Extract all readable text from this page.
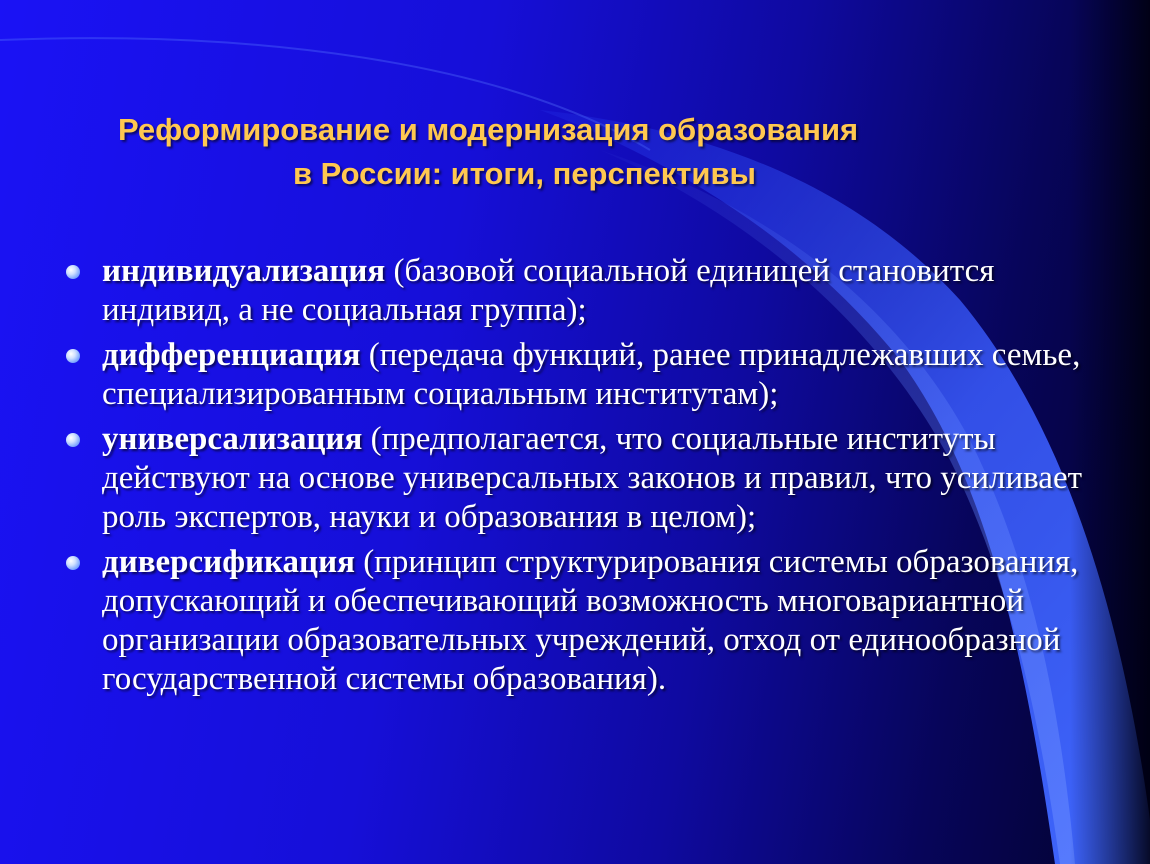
Реформирование и модернизация образования
в России: итоги, перспективы
индивидуализация (базовой социальной единицей становится индивид, а не социальная группа);
дифференциация (передача функций, ранее принадлежавших семье, специализированным социальным институтам);
универсализация (предполагается, что социальные институты действуют на основе универсальных законов и правил, что усиливает роль экспертов, науки и образования в целом);
диверсификация (принцип структурирования системы образования, допускающий и обеспечивающий возможность многовариантной организации образовательных учреждений, отход от единообразной государственной системы образования).
